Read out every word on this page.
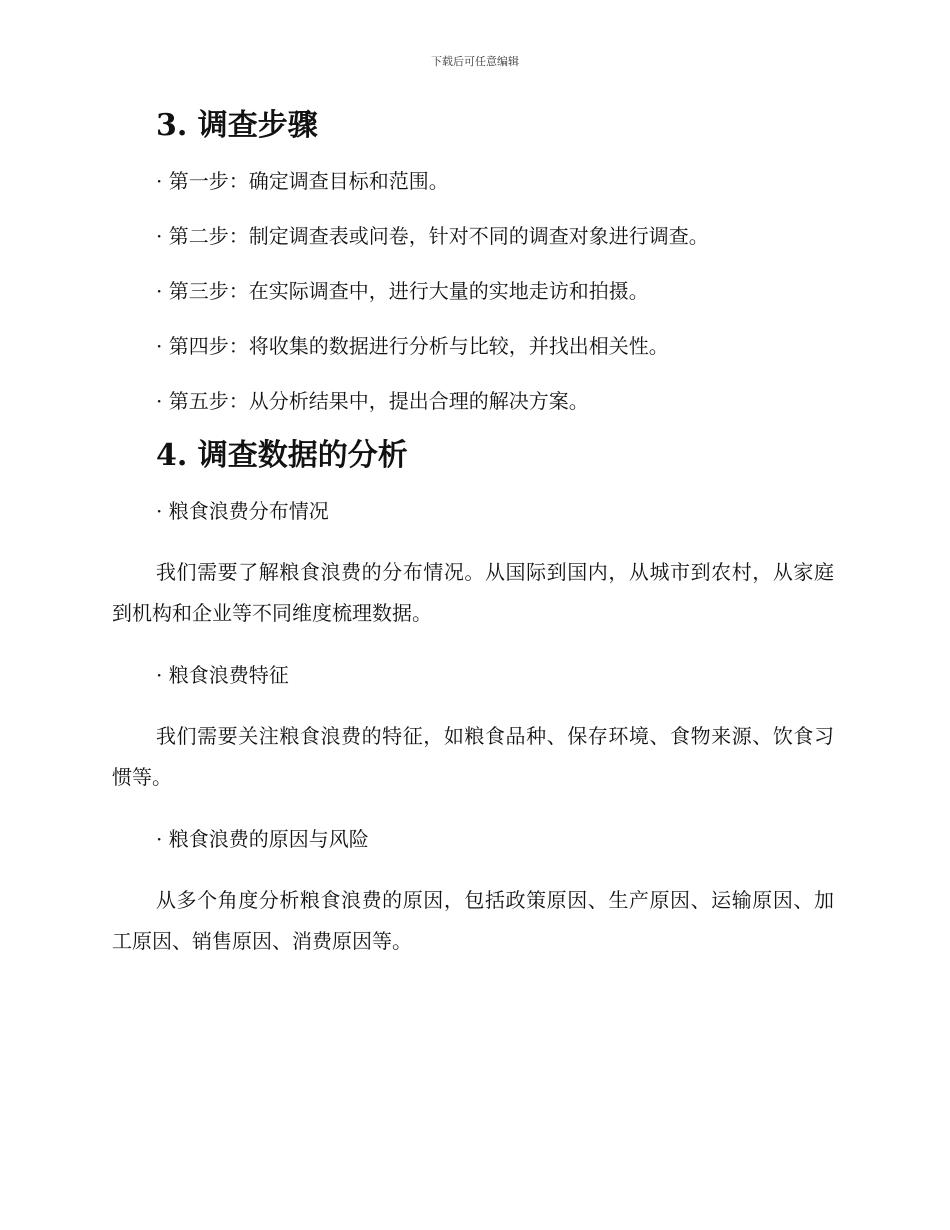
下载后可任意编辑
3. 调查步骤

· 第一步：确定调查目标和范围。

· 第二步：制定调查表或问卷，针对不同的调查对象进行调查。

· 第三步：在实际调查中，进行大量的实地走访和拍摄。

· 第四步：将收集的数据进行分析与比较，并找出相关性。

· 第五步：从分析结果中，提出合理的解决方案。

4. 调查数据的分析

· 粮食浪费分布情况

我们需要了解粮食浪费的分布情况。从国际到国内，从城市到农村，从家庭到机构和企业等不同维度梳理数据。

· 粮食浪费特征

我们需要关注粮食浪费的特征，如粮食品种、保存环境、食物来源、饮食习惯等。

· 粮食浪费的原因与风险

从多个角度分析粮食浪费的原因，包括政策原因、生产原因、运输原因、加工原因、销售原因、消费原因等。
